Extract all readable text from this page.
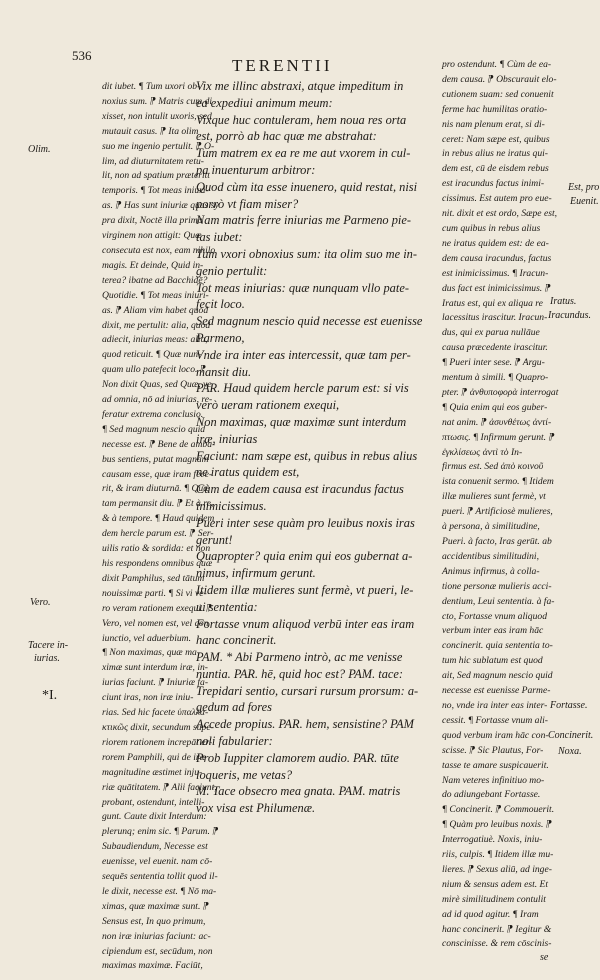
536
TERENTII
Olim.
Vero.
Tacere in-
iurias.
*I.
dit iubet. ¶ Tum uxori ob-
noxius sum. ⁋ Matris cum di
xisset, non intulit uxoris, sed
mutauit casus. ⁋ Ita olim
suo me ingenio pertulit. ⁋ O-
lim, ad diuturnitatem retu-
lit, non ad spatium præteritt
temporis. ¶ Tot meas iniuri-
as. ⁋ Has sunt iniuriæ quas sy
pra dixit, Noctē illa prima
virginem non attigit: Quæ
consecuta est nox, eam nihilo
magis. Et deinde, Quid in-
terea? ibatne ad Bacchidē?
Quotidie. ¶ Tot meas iniuri-
as. ⁋ Aliam vim habet quod
dixit, me pertulit: alia, quod
adiecit, iniurias meas: alia,
quod reticuit. ¶ Quæ nun-
quam ullo patefecit loco. ⁋
Non dixit Quas, sed Quæ, ve
ad omnia, nō ad iniurias, re-
feratur extrema conclusio.
¶ Sed magnum nescio quid
necesse est. ⁋ Bene de amba-
bus sentiens, putat magnam
causam esse, quæ iram fece-
rit, & iram diuturnā. ¶ Quæ
tam permansit diu. ⁋ Et à re,
& à tempore. ¶ Haud quidem
dem hercle parum est. ⁋ Ser-
uilis ratio & sordida: et non
his respondens omnibus quæ
dixit Pamphilus, sed tātum
nouissimæ parti. ¶ Si vi ve-
ro veram rationem exequi. ⁋
Vero, vel nomen est, vel con
iunctio, vel aduerbium.
¶ Non maximas, quæ ma-
ximæ sunt interdum iræ, in-
iurias faciunt. ⁋ Iniuriæ fa-
ciunt iras, non iræ iniu-
rias. Sed hic facete ὑπαλλα-
κτικῶς dixit, secundum supe-
riorem rationem increpāt er-
rorem Pamphili, qui de iræ
magnitudine æstimet inju-
riæ quātitatem. ⁋ Alii faciunt,
probant, ostendunt, intelli-
gunt. Caute dixit Interdum:
plerunq; enim sic. ¶ Parum. ⁋
Subaudiendum, Necesse est
euenisse, vel euenit. nam cō-
sequēs sententia tollit quod il-
le dixit, necesse est. ¶ Nō ma-
ximas, quæ maximæ sunt. ⁋
Sensus est, In quo primum,
non iræ iniurias faciunt: ac-
cipiendum est, secūdum, non
maximas maximæ. Faciūt,
Vix me illinc abstraxi, atque impeditum in
ea expediui animum meum:
Vixque huc contuleram, hem noua res orta
est, porrò ab hac quæ me abstrahat:
Tum matrem ex ea re me aut vxorem in cul-
pa inuenturum arbitror:
Quod cùm ita esse inuenero, quid restat, nisi
porrò vt fiam miser?
Nam matris ferre iniurias me Parmeno pie-
tas iubet:
Tum vxori obnoxius sum: ita olim suo me in-
genio pertulit:
Tot meas iniurias: quæ nunquam vllo pate-
fecit loco.
Sed magnum nescio quid necesse est euenisse
Parmeno,
Vnde ira inter eas intercessit, quæ tam per-
mansit diu.
PAR. Haud quidem hercle parum est: si vis
verò ueram rationem exequi,
Non maximas, quæ maximæ sunt interdum
iræ, iniurias
Faciunt: nam sæpe est, quibus in rebus alius
ne iratus quidem est,
Cùm de eadem causa est iracundus factus
inimicissimus.
Pueri inter sese quàm pro leuibus noxis iras
gerunt!
Quapropter? quia enim qui eos gubernat a-
nimus, infirmum gerunt.
Itidem illæ mulieres sunt fermè, vt pueri, le-
ui sententia:
Fortasse vnum aliquod verbū inter eas iram
hanc concinerit.
PAM. * Abi Parmeno intrò, ac me venisse
nuntia. PAR. hē, quid hoc est? PAM. tace:
Trepidari sentio, cursari rursum prorsum: a-
gedum ad fores
Accede propius. PAR. hem, sensistine? PAM
noli fabularier:
Prob Iuppiter clamorem audio. PAR. tūte
loqueris, me vetas?
M. Tace obsecro mea gnata. PAM. matris
vox visa est Philumenæ.
pro ostendunt. ¶ Cùm de ea-
dem causa. ⁋ Obscurauit elo-
cutionem suam: sed conuenit
ferme hac humilitas oratio-
nis nam plenum erat, si di-
ceret: Nam sæpe est, quibus
in rebus alius ne iratus qui-
dem est, cū de eisdem rebus
est iracundus factus inimi-
cissimus. Est autem pro eue-
nit. dixit et est ordo, Sæpe est,
cum quibus in rebus alius
ne iratus quidem est: de ea-
dem causa iracundus, factus
est inimicissimus. ¶ Iracun-
dus fact est inimicissimus. ⁋
Iratus est, qui ex aliqua re
lacessitus irascitur. Iracun-
dus, qui ex parua nullāue
causa præcedente irascitur.
¶ Pueri inter sese. ⁋ Argu-
mentum à simili. ¶ Quapro-
pter. ⁋ ἀνθυποφορὰ interrogat
¶ Quia enim qui eos guber-
nat anim. ⁋ ἀσυνθέτως ἀντί-
πτωσις. ¶ Infirmum gerunt. ⁋
ἐγκλίσεως ἀντὶ τὸ In-
firmus est. Sed ἀπὸ κοινοῦ
ista conuenit sermo. ¶ Itidem
illæ mulieres sunt fermè, vt
pueri. ⁋ Artificiosè mulieres,
à persona, à similitudine,
Pueri. à facto, Iras gerūt. ab
accidentibus similitudini,
Animus infirmus, à colla-
tione personæ mulieris acci-
dentium, Leui sententia. à fa-
cto, Fortasse vnum aliquod
verbum inter eas iram hāc
concinerit. quia sententia to-
tum hic sublatum est quod
ait, Sed magnum nescio quid
necesse est euenisse Parme-
no, vnde ira inter eas inter-
cessit. ¶ Fortasse vnum ali-
quod verbum iram hāc con-
scisse. ⁋ Sic Plautus, For-
tasse te amare suspicauerit.
Nam veteres infinitiuo mo-
do adiungebant Fortasse.
¶ Concinerit. ⁋ Commouerit.
¶ Quàm pro leuibus noxis. ⁋
Interrogatiuè. Noxis, iniu-
riis, culpis. ¶ Itidem illæ mu-
lieres. ⁋ Sexus aliū, ad inge-
nium & sensus adem est. Et
mirè similitudinem contulit
ad id quod agitur. ¶ Iram
hanc concinerit. ⁋ Iegitur &
conscinisse. & rem cōscinis-
Est, pro
Euenit.
Iratus.
Iracundus.
Fortasse.
Concinerit.
Noxa.
se
